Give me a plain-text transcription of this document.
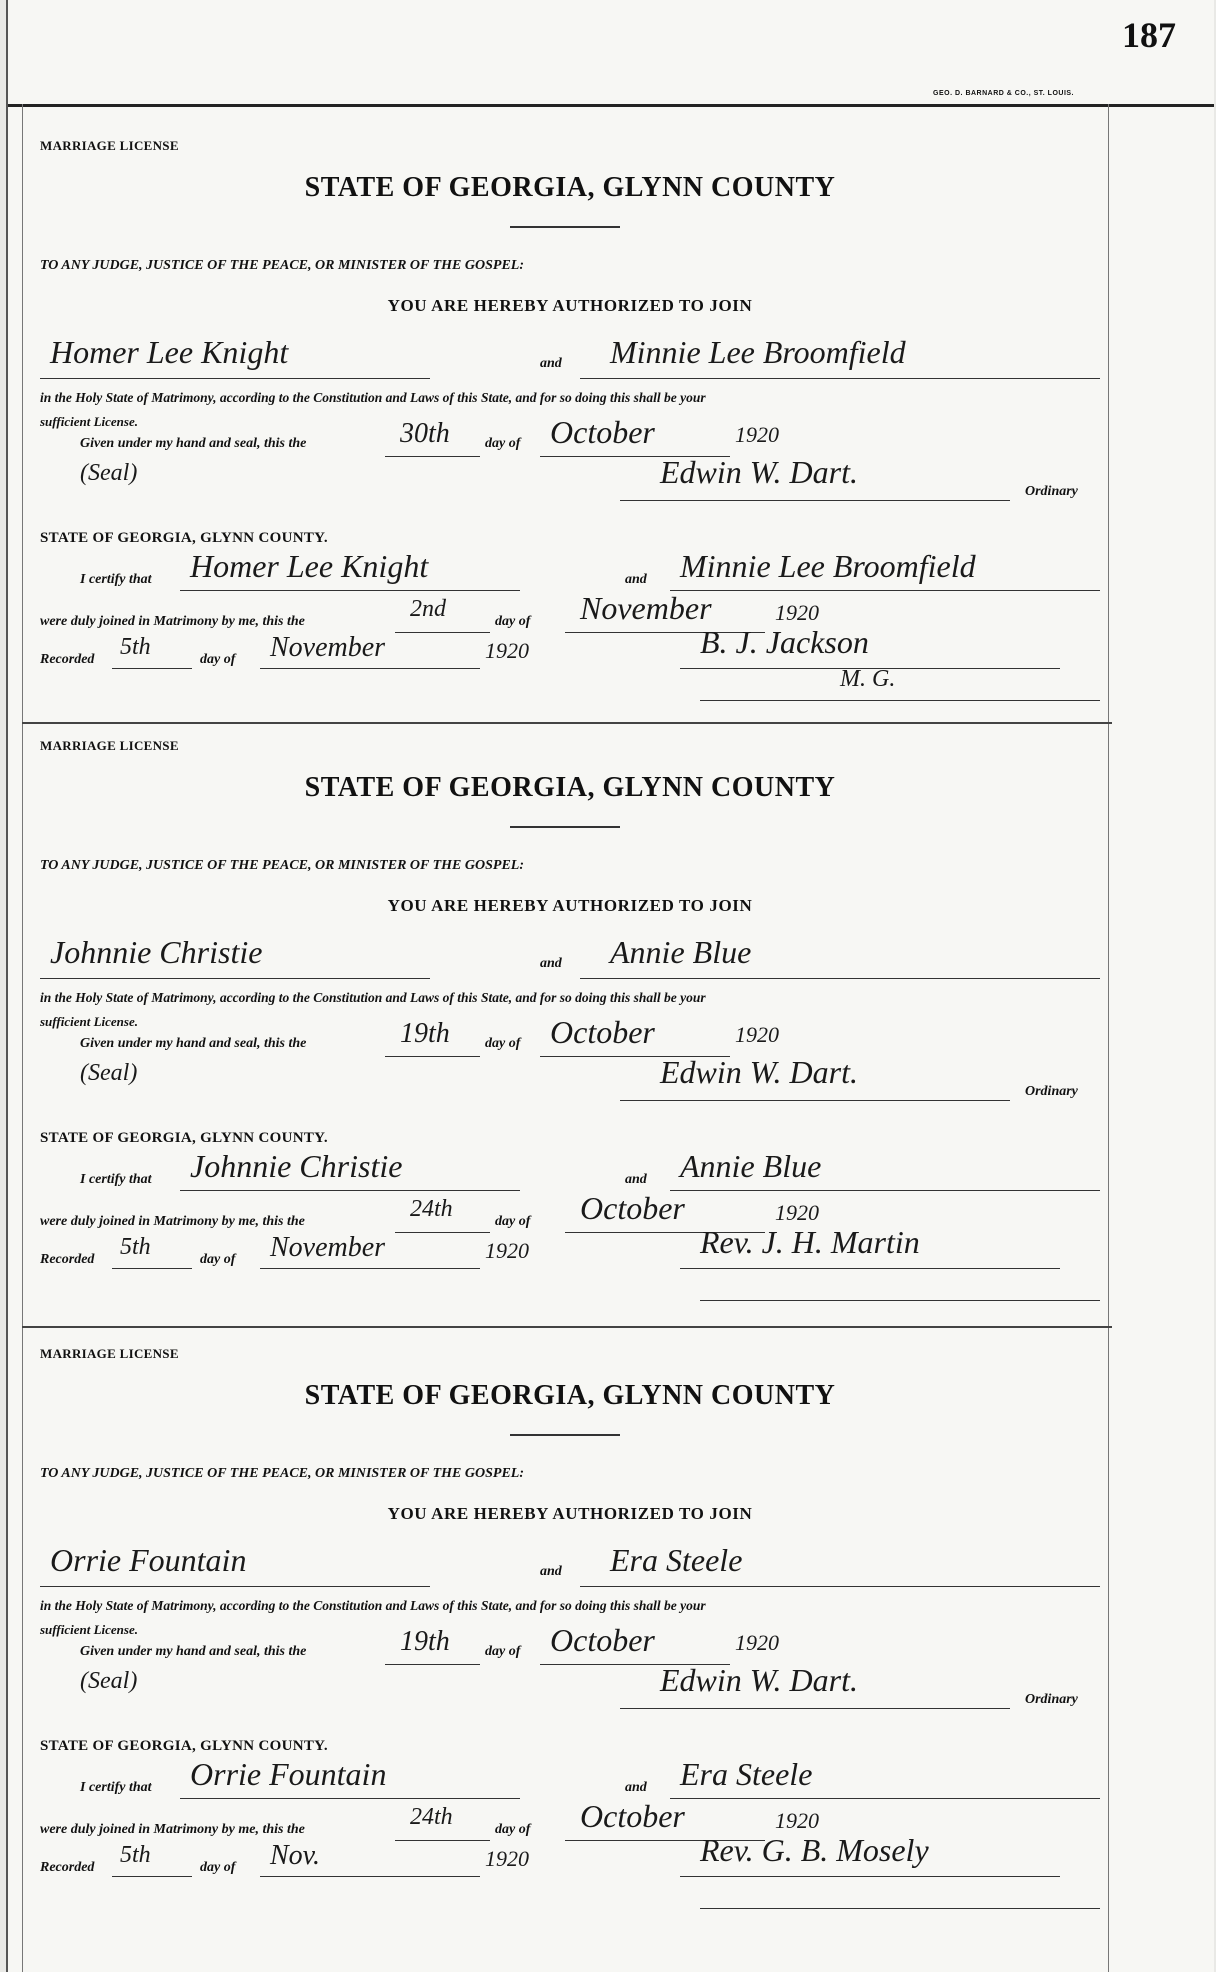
187
GEO. D. BARNARD & CO., ST. LOUIS.
MARRIAGE LICENSE
STATE OF GEORGIA, GLYNN COUNTY
TO ANY JUDGE, JUSTICE OF THE PEACE, OR MINISTER OF THE GOSPEL:
YOU ARE HEREBY AUTHORIZED TO JOIN
Homer Lee Knight	and Minnie Lee Broomfield
in the Holy State of Matrimony, according to the Constitution and Laws of this State, and for so doing this shall be your
sufficient License.
Given under my hand and seal, this the	30th	day of October	1920
(Seal)	Edwin W. Dart.
Ordinary
STATE OF GEORGIA, GLYNN COUNTY.
I certify that Homer Lee Knight	and Minnie Lee Broomfield
were duly joined in Matrimony by me, this the	2nd	day of November	1920
Recorded 5th	day of November	1920	B. J. Jackson
M. G.
MARRIAGE LICENSE
STATE OF GEORGIA, GLYNN COUNTY
TO ANY JUDGE, JUSTICE OF THE PEACE, OR MINISTER OF THE GOSPEL:
YOU ARE HEREBY AUTHORIZED TO JOIN
Johnnie Christie	and Annie Blue
in the Holy State of Matrimony, according to the Constitution and Laws of this State, and for so doing this shall be your
sufficient License.
Given under my hand and seal, this the	19th	day of October	1920
(Seal)	Edwin W. Dart.
Ordinary
STATE OF GEORGIA, GLYNN COUNTY.
I certify that Johnnie Christie	and Annie Blue
were duly joined in Matrimony by me, this the	24th	day of October	1920
Recorded 5th	day of November	1920	Rev. J. H. Martin
MARRIAGE LICENSE
STATE OF GEORGIA, GLYNN COUNTY
TO ANY JUDGE, JUSTICE OF THE PEACE, OR MINISTER OF THE GOSPEL:
YOU ARE HEREBY AUTHORIZED TO JOIN
Orrie Fountain	and Era Steele
in the Holy State of Matrimony, according to the Constitution and Laws of this State, and for so doing this shall be your
sufficient License.
Given under my hand and seal, this the	19th	day of October	1920
(Seal)	Edwin W. Dart.
Ordinary
STATE OF GEORGIA, GLYNN COUNTY.
I certify that Orrie Fountain	and Era Steele
were duly joined in Matrimony by me, this the	24th	day of October	1920
Recorded 5th	day of Nov.	1920	Rev. G. B. Mosely
